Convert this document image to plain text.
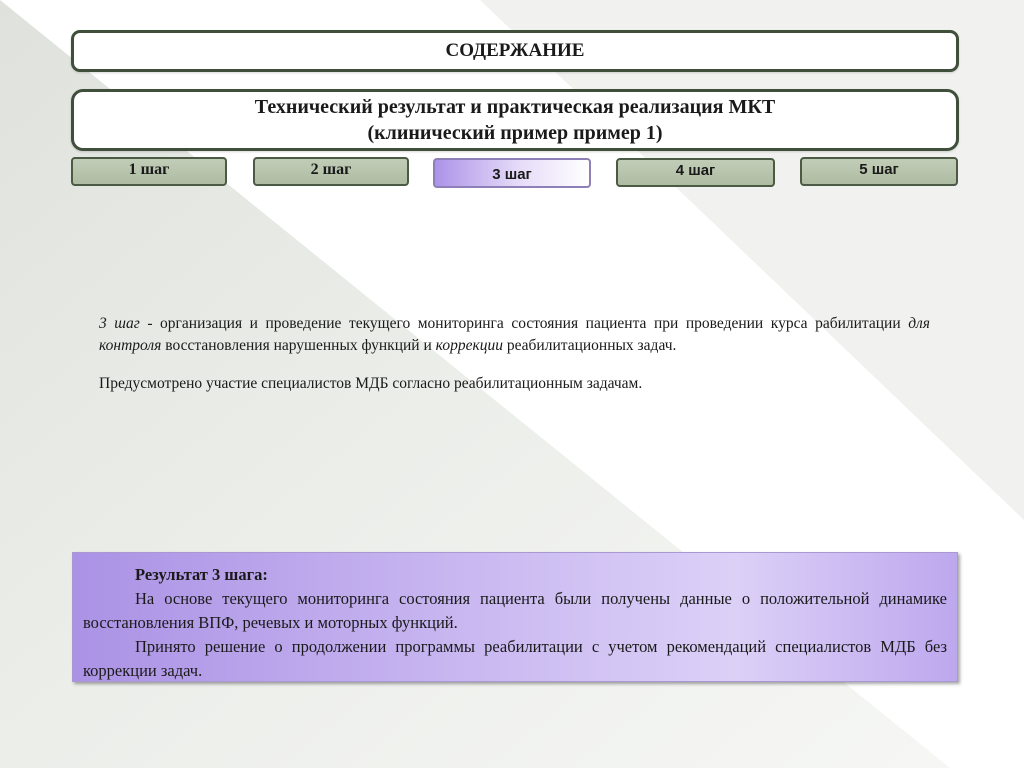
СОДЕРЖАНИЕ
Технический результат и практическая реализация МКТ
(клинический пример пример 1)
1 шаг	2 шаг	3 шаг	4 шаг	5 шаг

3 шаг - организация и проведение текущего мониторинга состояния пациента при проведении курса рабилитации для контроля восстановления нарушенных функций и коррекции реабилитационных задач.

Предусмотрено участие специалистов МДБ согласно реабилитационным задачам.

Результат 3 шага:

На основе текущего мониторинга состояния пациента были получены данные о положительной динамике восстановления ВПФ, речевых и моторных функций.

Принято решение о продолжении программы реабилитации с учетом рекомендаций специалистов МДБ без коррекции задач.
